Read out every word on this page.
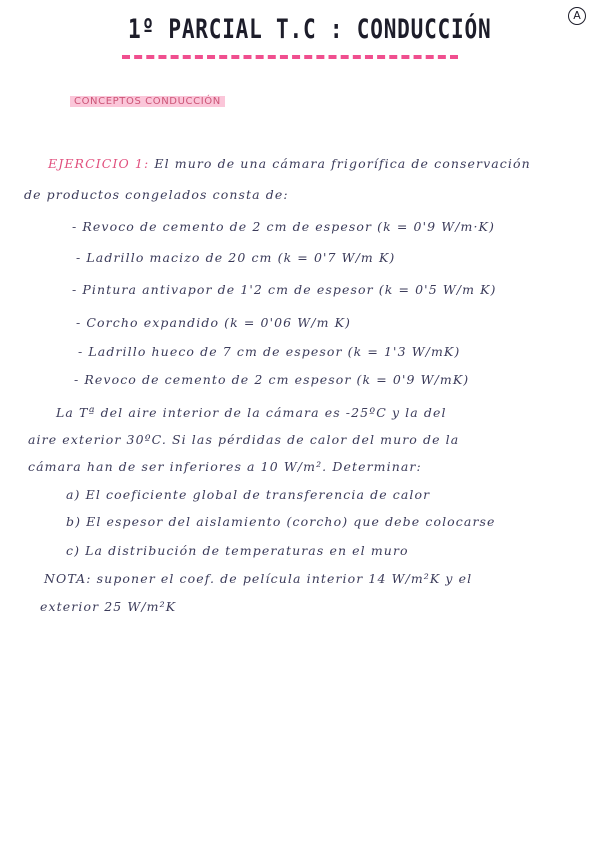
1º PARCIAL T.C : CONDUCCIÓN	A
CONCEPTOS CONDUCCIÓN
EJERCICIO 1: El muro de una cámara frigorífica de conservación
de productos congelados consta de:
- Revoco de cemento de 2 cm de espesor (k = 0'9 W/m·K)
- Ladrillo macizo de 20 cm (k = 0'7 W/m K)
- Pintura antivapor de 1'2 cm de espesor (k = 0'5 W/m K)
- Corcho expandido (k = 0'06 W/m K)
- Ladrillo hueco de 7 cm de espesor (k = 1'3 W/mK)
- Revoco de cemento de 2 cm espesor (k = 0'9 W/mK)
La Tª del aire interior de la cámara es -25ºC y la del
aire exterior 30ºC. Si las pérdidas de calor del muro de la
cámara han de ser inferiores a 10 W/m². Determinar:
a) El coeficiente global de transferencia de calor
b) El espesor del aislamiento (corcho) que debe colocarse
c) La distribución de temperaturas en el muro
NOTA: suponer el coef. de película interior 14 W/m²K y el
exterior 25 W/m²K
